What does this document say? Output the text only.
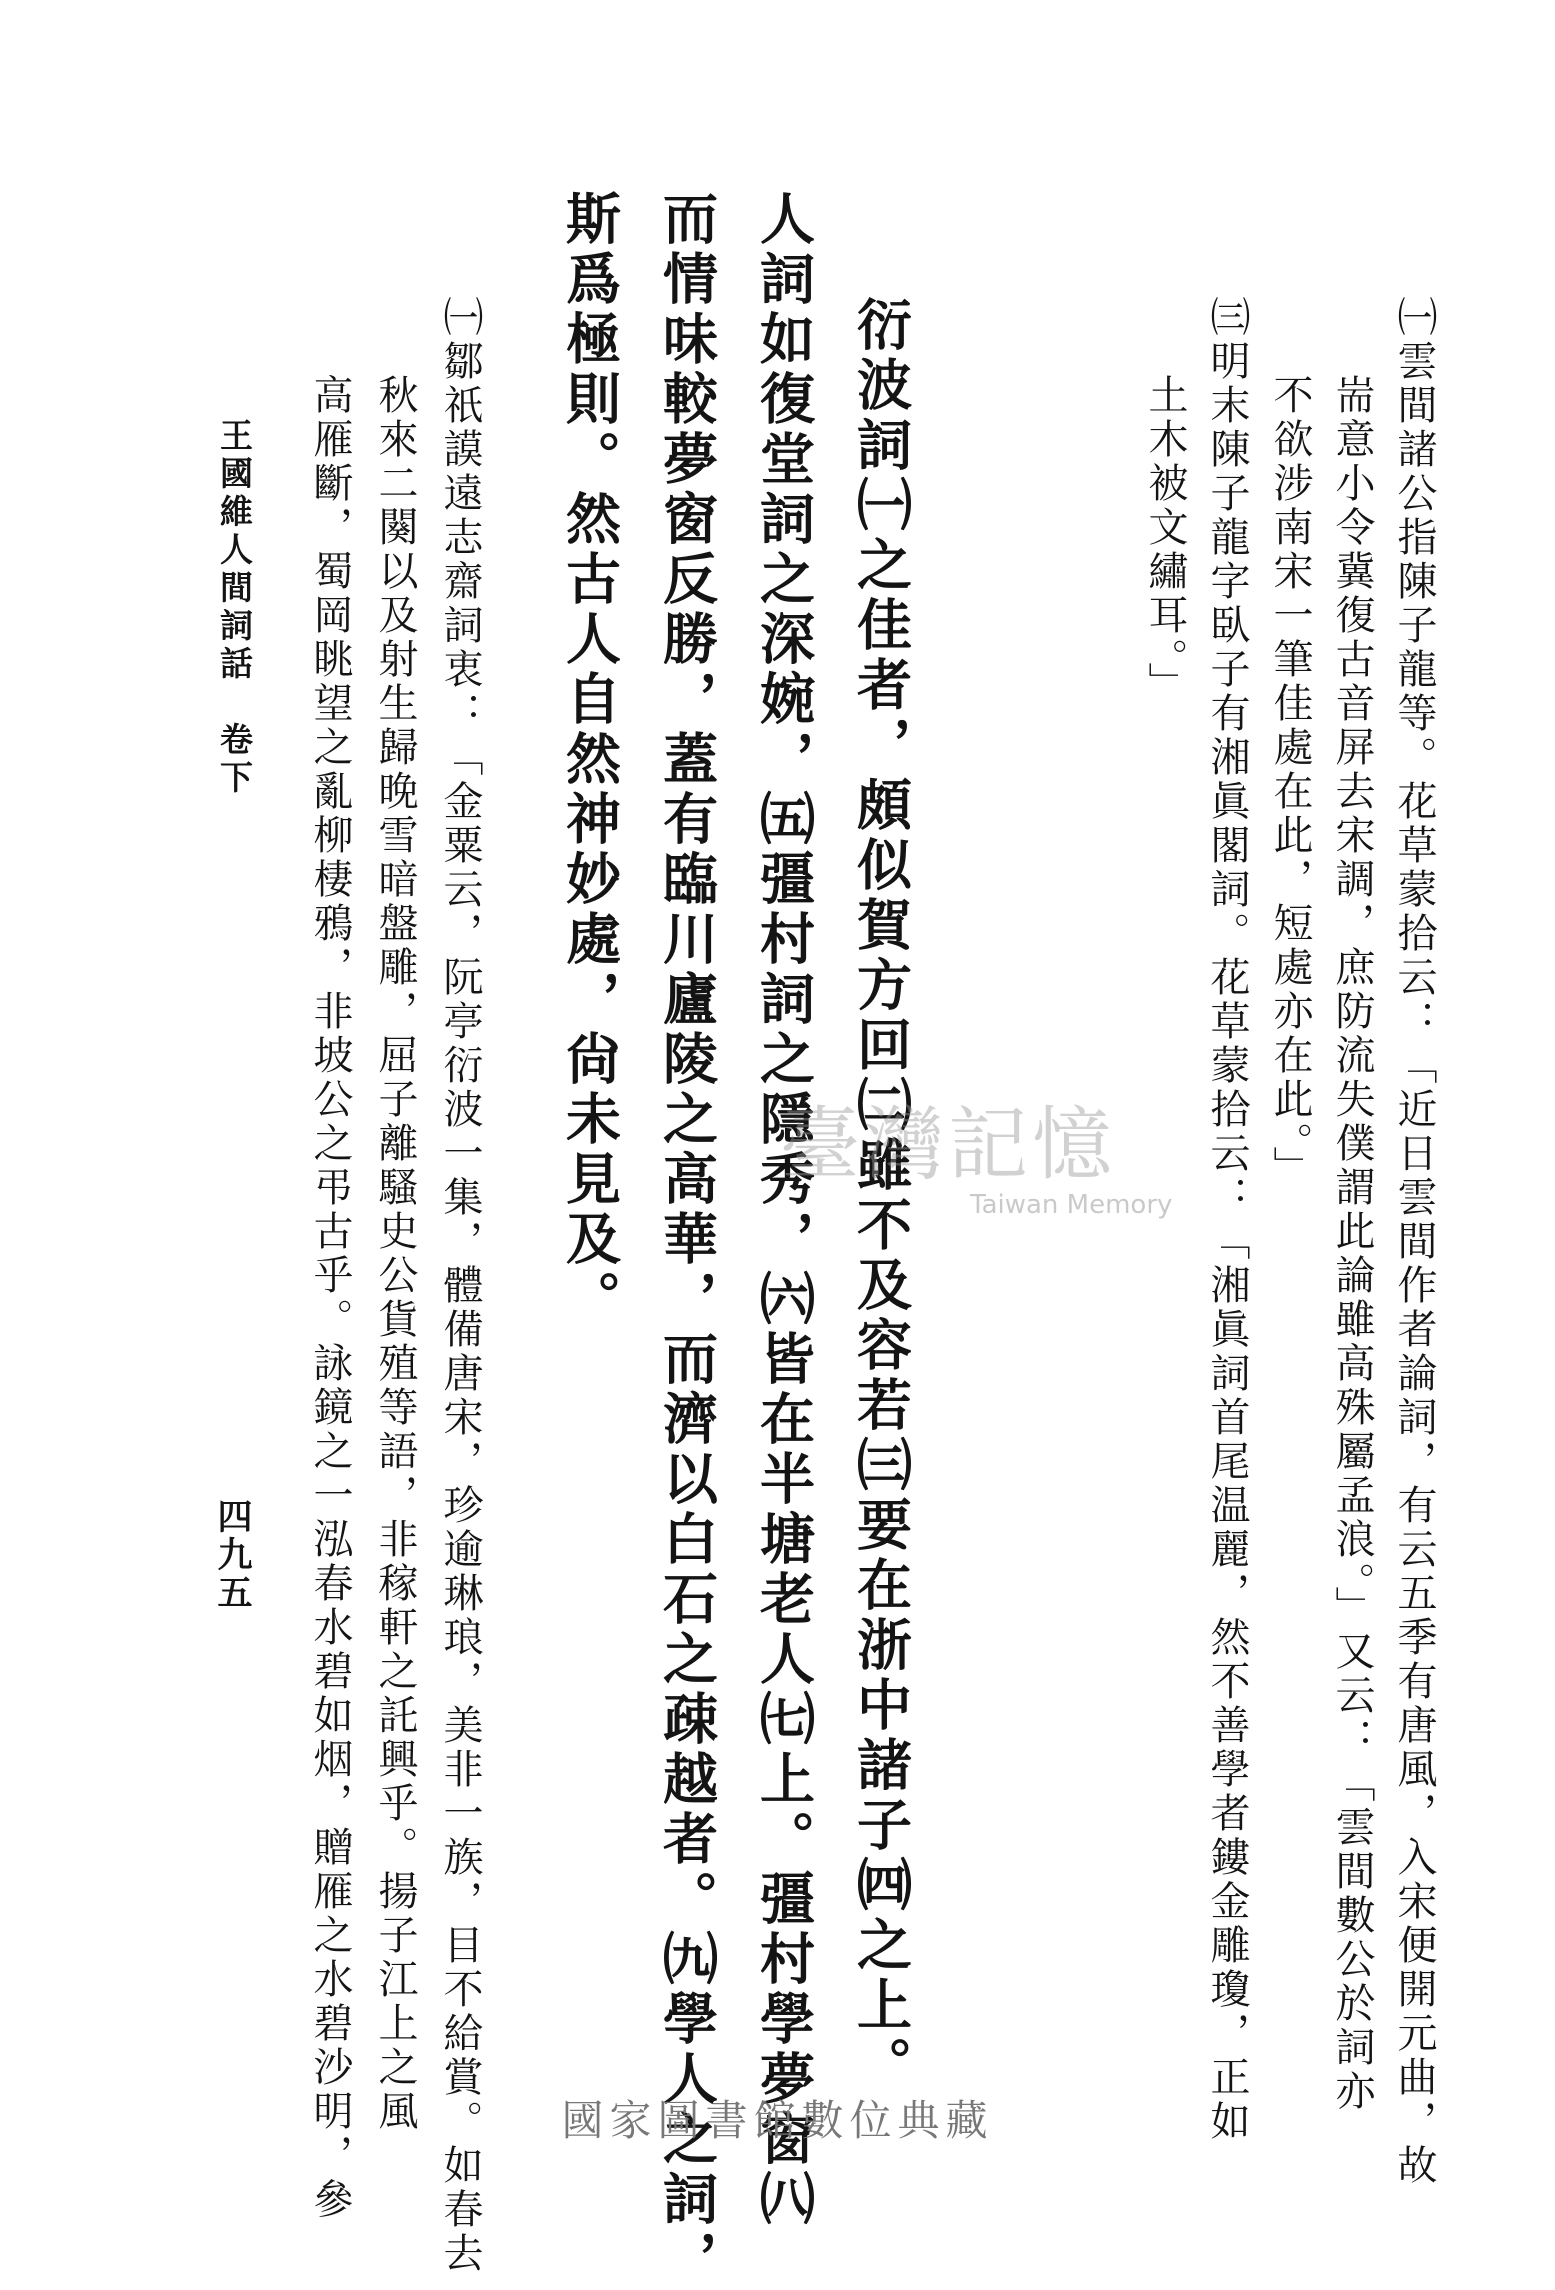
㈠雲間諸公指陳子龍等。花草蒙拾云：「近日雲間作者論詞，有云五季有唐風，入宋便開元曲，故

耑意小令冀復古音屏去宋調，庶防流失僕謂此論雖高殊屬孟浪。」又云：「雲間數公於詞亦

不欲涉南宋一筆佳處在此，短處亦在此。」

㈢明末陳子龍字臥子有湘眞閣詞。花草蒙拾云：「湘眞詞首尾温麗，然不善學者鏤金雕瓊，正如

土木被文繡耳。」

衍波詞㈠之佳者，頗似賀方回㈡雖不及容若㈢要在浙中諸子㈣之上。

人詞如復堂詞之深婉，㈤彊村詞之隱秀，㈥皆在半塘老人㈦上。彊村學夢窗㈧

而情味較夢窗反勝，蓋有臨川廬陵之高華，而濟以白石之疎越者。㈨學人之詞，

斯爲極則。然古人自然神妙處，尙未見及。

㈠鄒祇謨遠志齋詞衷：「金粟云，阮亭衍波一集，體備唐宋，珍逾琳琅，美非一族，目不給賞。如春去

秋來二闋以及射生歸晚雪暗盤雕，屈子離騷史公貨殖等語，非稼軒之託興乎。揚子江上之風

高雁斷，蜀岡眺望之亂柳棲鴉，非坡公之弔古乎。詠鏡之一泓春水碧如烟，贈雁之水碧沙明，參

王國維人間詞話　卷下

四九五

臺灣記憶
Taiwan Memory
國家圖書館數位典藏
